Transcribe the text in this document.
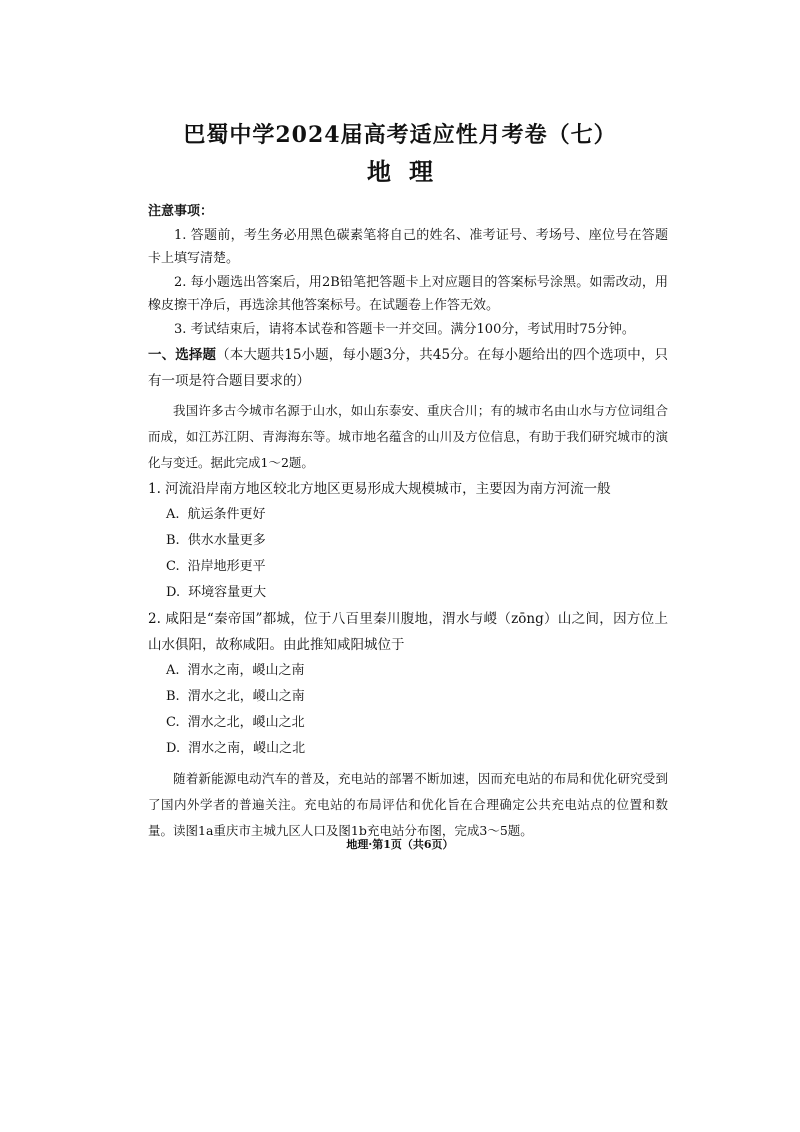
巴蜀中学2024届高考适应性月考卷（七）
地理
注意事项：

1. 答题前，考生务必用黑色碳素笔将自己的姓名、准考证号、考场号、座位号在答题卡上填写清楚。

2. 每小题选出答案后，用2B铅笔把答题卡上对应题目的答案标号涂黑。如需改动，用橡皮擦干净后，再选涂其他答案标号。在试题卷上作答无效。

3. 考试结束后，请将本试卷和答题卡一并交回。满分100分，考试用时75分钟。

一、选择题（本大题共15小题，每小题3分，共45分。在每小题给出的四个选项中，只有一项是符合题目要求的）

我国许多古今城市名源于山水，如山东泰安、重庆合川；有的城市名由山水与方位词组合而成，如江苏江阴、青海海东等。城市地名蕴含的山川及方位信息，有助于我们研究城市的演化与变迁。据此完成1～2题。

1. 河流沿岸南方地区较北方地区更易形成大规模城市，主要因为南方河流一般

A. 航运条件更好
B. 供水水量更多
C. 沿岸地形更平
D. 环境容量更大

2. 咸阳是“秦帝国”都城，位于八百里秦川腹地，渭水与嵕（zōng）山之间，因方位上山水俱阳，故称咸阳。由此推知咸阳城位于

A. 渭水之南，嵕山之南
B. 渭水之北，嵕山之南
C. 渭水之北，嵕山之北
D. 渭水之南，嵕山之北

随着新能源电动汽车的普及，充电站的部署不断加速，因而充电站的布局和优化研究受到了国内外学者的普遍关注。充电站的布局评估和优化旨在合理确定公共充电站点的位置和数量。读图1a重庆市主城九区人口及图1b充电站分布图，完成3～5题。

地理·第1页（共6页）
